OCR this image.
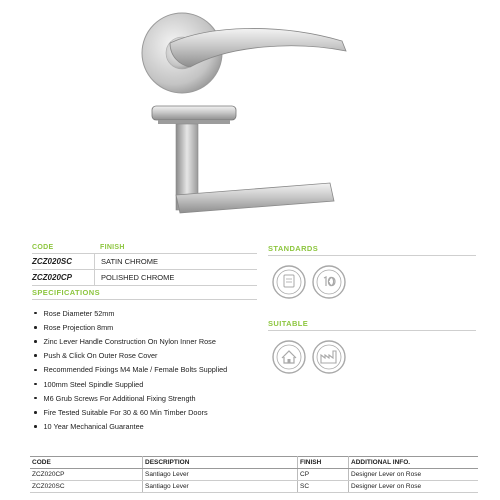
CODE	FINISH
ZCZ020SC	SATIN CHROME
ZCZ020CP	POLISHED CHROME
SPECIFICATIONS
Rose Diameter 52mm
Rose Projection 8mm
Zinc Lever Handle Construction On Nylon Inner Rose
Push & Click On Outer Rose Cover
Recommended Fixings M4 Male / Female Bolts Supplied
100mm Steel Spindle Supplied
M6 Grub Screws For Additional Fixing Strength
Fire Tested Suitable For 30 & 60 Min Timber Doors
10 Year Mechanical Guarantee
STANDARDS
SUITABLE
CODE	DESCRIPTION	FINISH	ADDITIONAL INFO.
ZCZ020CP	Santiago Lever	CP	Designer Lever on Rose
ZCZ020SC	Santiago Lever	SC	Designer Lever on Rose
